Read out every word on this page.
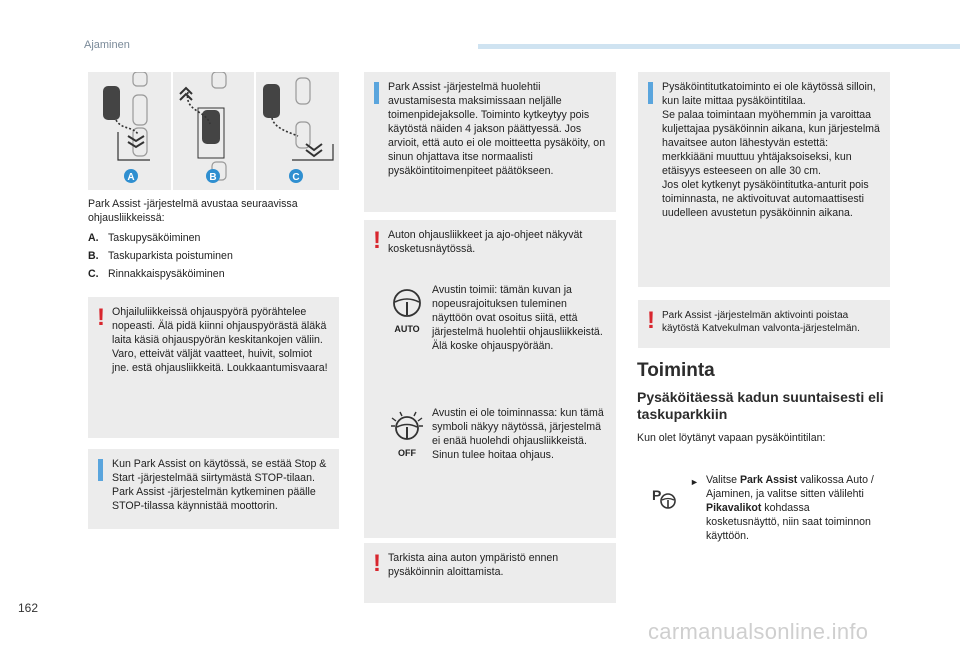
Ajaminen
A	B	C

Park Assist -järjestelmä avustaa seuraavissa ohjausliikkeissä:

A. Taskupysäköiminen
B. Taskuparkista poistuminen
C. Rinnakkaispysäköiminen
! Ohjailuliikkeissä ohjauspyörä pyörähtelee nopeasti. Älä pidä kiinni ohjauspyörästä äläkä laita käsiä ohjauspyörän keskitankojen väliin.
Varo, etteivät väljät vaatteet, huivit, solmiot jne. estä ohjausliikkeitä. Loukkaantumisvaara!

Kun Park Assist on käytössä, se estää Stop & Start -järjestelmää siirtymästä STOP-tilaan. Park Assist -järjestelmän kytkeminen päälle STOP-tilassa käynnistää moottorin.

Park Assist -järjestelmä huolehtii avustamisesta maksimissaan neljälle toimenpidejaksolle. Toiminto kytkeytyy pois käytöstä näiden 4 jakson päättyessä. Jos arvioit, että auto ei ole moitteetta pysäköity, on sinun ohjattava itse normaalisti pysäköintitoimenpiteet päätökseen.

! Auton ohjausliikkeet ja ajo-ohjeet näkyvät kosketusnäytössä.

AUTO

Avustin toimii: tämän kuvan ja nopeusrajoituksen tuleminen näyttöön ovat osoitus siitä, että järjestelmä huolehtii ohjausliikkeistä. Älä koske ohjauspyörään.

OFF

Avustin ei ole toiminnassa: kun tämä symboli näkyy näytössä, järjestelmä ei enää huolehdi ohjausliikkeistä. Sinun tulee hoitaa ohjaus.

! Tarkista aina auton ympäristö ennen pysäköinnin aloittamista.

Pysäköintitutkatoiminto ei ole käytössä silloin, kun laite mittaa pysäköintitilaa.
Se palaa toimintaan myöhemmin ja varoittaa kuljettajaa pysäköinnin aikana, kun järjestelmä havaitsee auton lähestyvän estettä: merkkiääni muuttuu yhtäjaksoiseksi, kun etäisyys esteeseen on alle 30 cm.
Jos olet kytkenyt pysäköintitutka-anturit pois toiminnasta, ne aktivoituvat automaattisesti uudelleen avustetun pysäköinnin aikana.

! Park Assist -järjestelmän aktivointi poistaa käytöstä Katvekulman valvonta-järjestelmän.

Toiminta
Pysäköitäessä kadun suuntaisesti eli taskuparkkiin

Kun olet löytänyt vapaan pysäköintitilan:

P
► Valitse Park Assist valikossa Auto / Ajaminen, ja valitse sitten välilehti Pikavalikot kohdassa kosketusnäyttö, niin saat toiminnon käyttöön.

162
carmanualsonline.info
